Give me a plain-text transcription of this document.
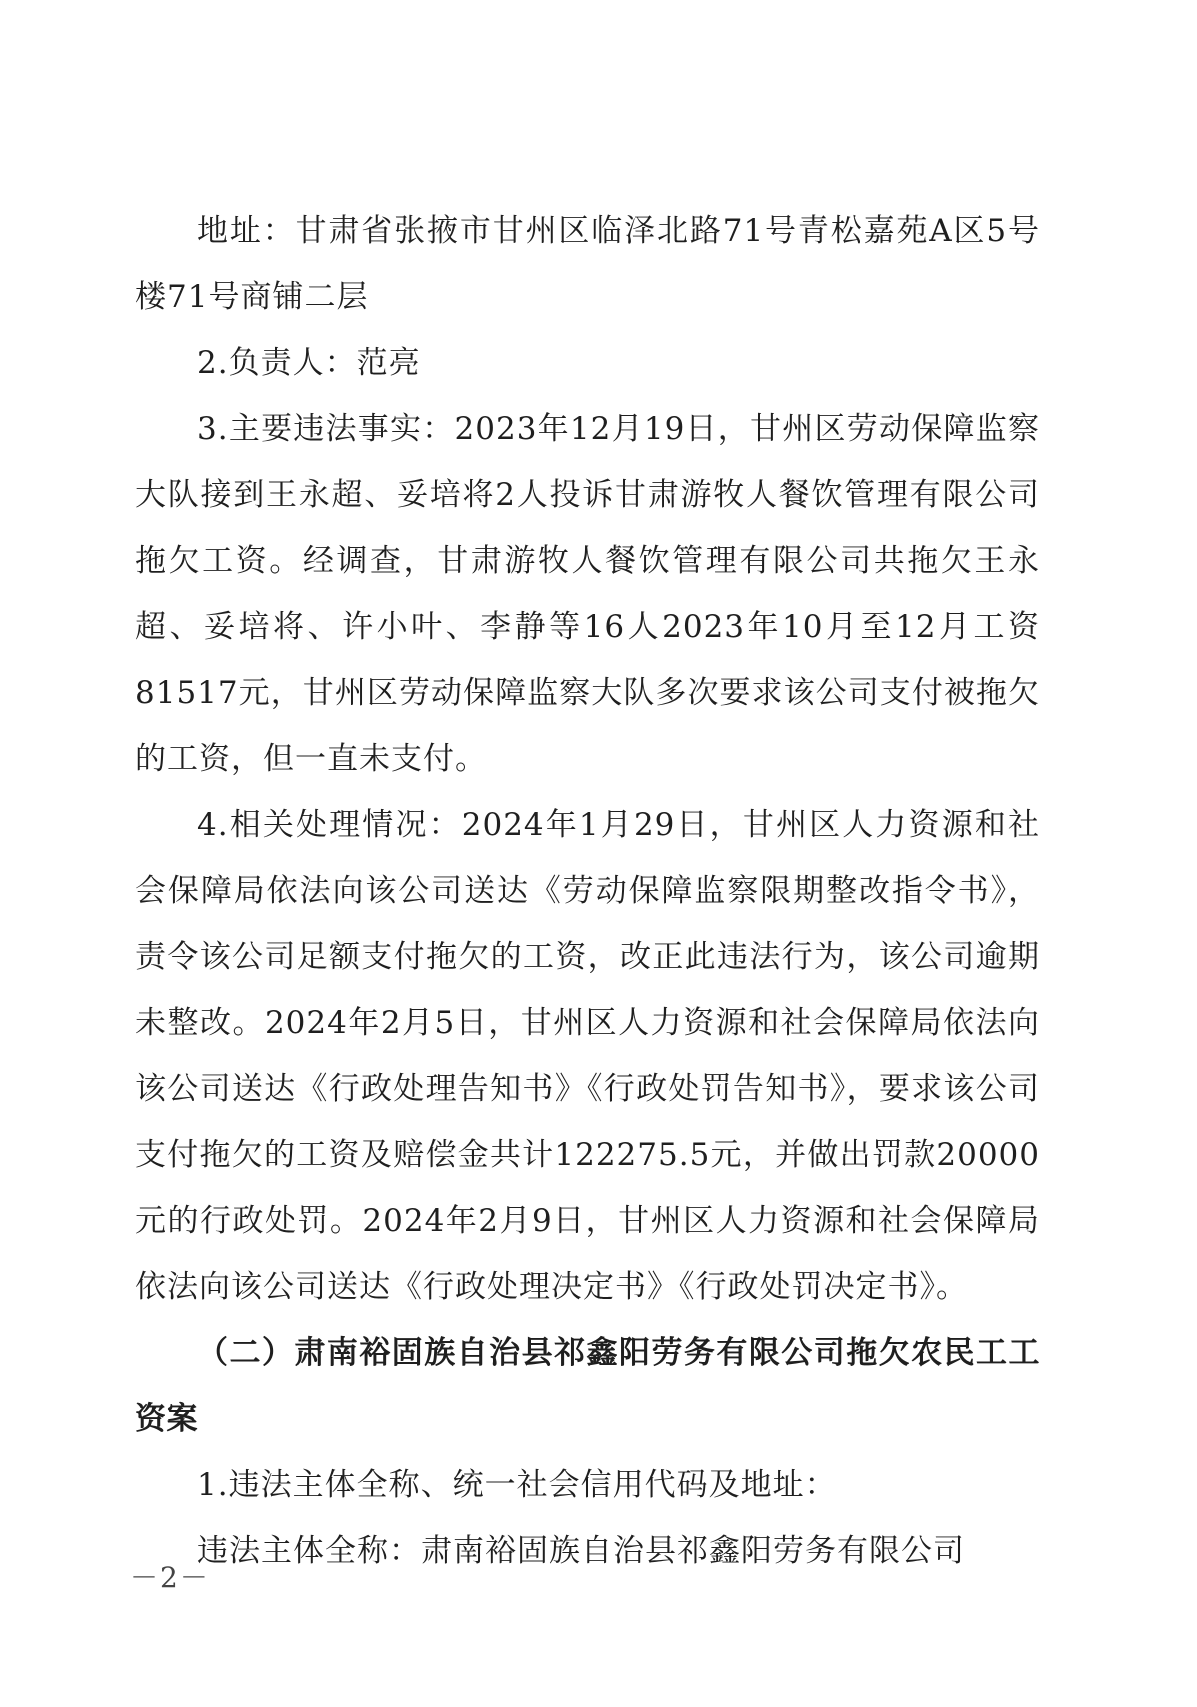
地址：甘肃省张掖市甘州区临泽北路71号青松嘉苑A区5号楼71号商铺二层

2.负责人：范亮

3.主要违法事实：2023年12月19日，甘州区劳动保障监察大队接到王永超、妥培将2人投诉甘肃游牧人餐饮管理有限公司拖欠工资。经调查，甘肃游牧人餐饮管理有限公司共拖欠王永超、妥培将、许小叶、李静等16人2023年10月至12月工资81517元，甘州区劳动保障监察大队多次要求该公司支付被拖欠的工资，但一直未支付。

4.相关处理情况：2024年1月29日，甘州区人力资源和社会保障局依法向该公司送达《劳动保障监察限期整改指令书》，责令该公司足额支付拖欠的工资，改正此违法行为，该公司逾期未整改。2024年2月5日，甘州区人力资源和社会保障局依法向该公司送达《行政处理告知书》《行政处罚告知书》，要求该公司支付拖欠的工资及赔偿金共计122275.5元，并做出罚款20000元的行政处罚。2024年2月9日，甘州区人力资源和社会保障局依法向该公司送达《行政处理决定书》《行政处罚决定书》。

（二）肃南裕固族自治县祁鑫阳劳务有限公司拖欠农民工工资案

1.违法主体全称、统一社会信用代码及地址：

违法主体全称：肃南裕固族自治县祁鑫阳劳务有限公司

－2－
